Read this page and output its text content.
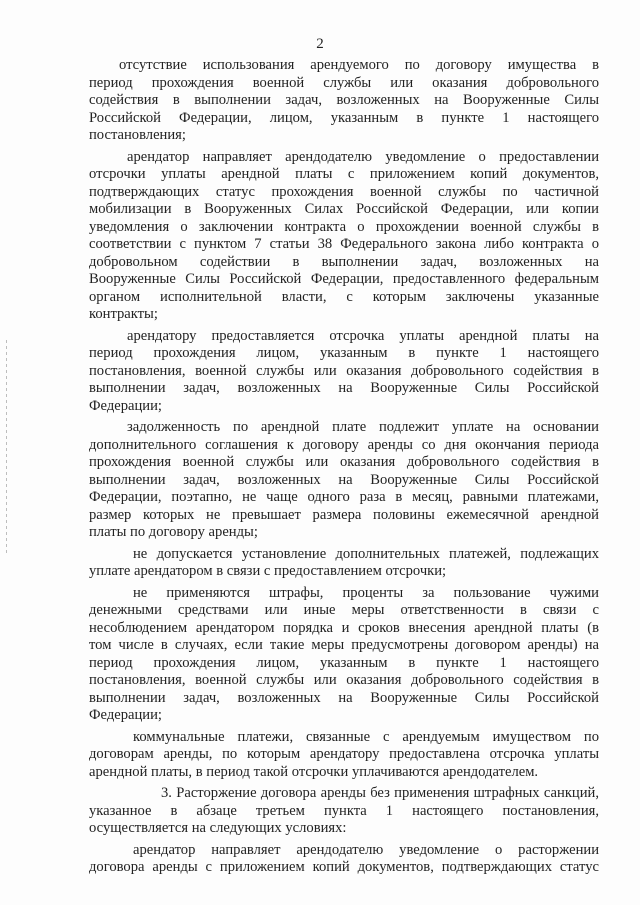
2
отсутствие использования арендуемого по договору имущества в
период прохождения военной службы или оказания добровольного
содействия в выполнении задач, возложенных на Вооруженные Силы
Российской Федерации, лицом, указанным в пункте 1 настоящего
постановления;
арендатор направляет арендодателю уведомление о предоставлении
отсрочки уплаты арендной платы с приложением копий документов,
подтверждающих статус прохождения военной службы по частичной
мобилизации в Вооруженных Силах Российской Федерации, или копии
уведомления о заключении контракта о прохождении военной службы в
соответствии с пунктом 7 статьи 38 Федерального закона либо контракта о
добровольном содействии в выполнении задач, возложенных на
Вооруженные Силы Российской Федерации, предоставленного федеральным
органом исполнительной власти, с которым заключены указанные
контракты;
арендатору предоставляется отсрочка уплаты арендной платы на
период прохождения лицом, указанным в пункте 1 настоящего
постановления, военной службы или оказания добровольного содействия в
выполнении задач, возложенных на Вооруженные Силы Российской
Федерации;
задолженность по арендной плате подлежит уплате на основании
дополнительного соглашения к договору аренды со дня окончания периода
прохождения военной службы или оказания добровольного содействия в
выполнении задач, возложенных на Вооруженные Силы Российской
Федерации, поэтапно, не чаще одного раза в месяц, равными платежами,
размер которых не превышает размера половины ежемесячной арендной
платы по договору аренды;
не допускается установление дополнительных платежей, подлежащих
уплате арендатором в связи с предоставлением отсрочки;
не применяются штрафы, проценты за пользование чужими
денежными средствами или иные меры ответственности в связи с
несоблюдением арендатором порядка и сроков внесения арендной платы (в
том числе в случаях, если такие меры предусмотрены договором аренды) на
период прохождения лицом, указанным в пункте 1 настоящего
постановления, военной службы или оказания добровольного содействия в
выполнении задач, возложенных на Вооруженные Силы Российской
Федерации;
коммунальные платежи, связанные с арендуемым имуществом по
договорам аренды, по которым арендатору предоставлена отсрочка уплаты
арендной платы, в период такой отсрочки уплачиваются арендодателем.
3. Расторжение договора аренды без применения штрафных санкций,
указанное в абзаце третьем пункта 1 настоящего постановления,
осуществляется на следующих условиях:
арендатор направляет арендодателю уведомление о расторжении
договора аренды с приложением копий документов, подтверждающих статус
